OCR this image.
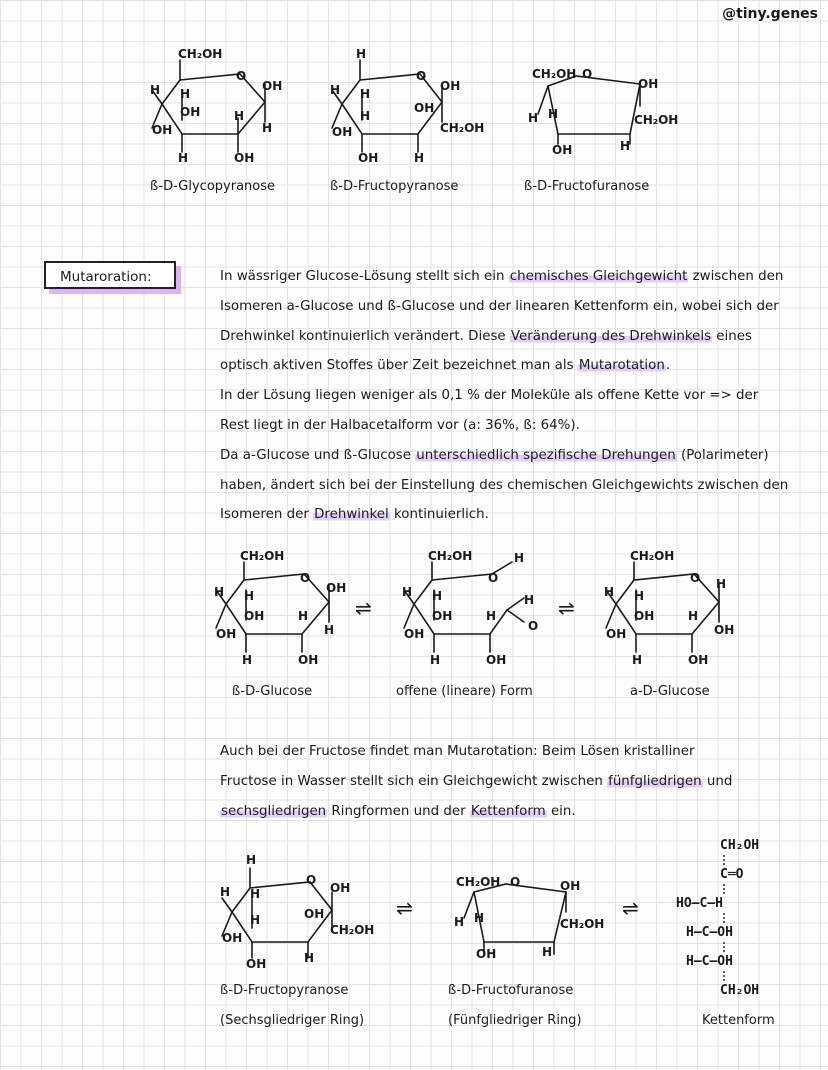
@tiny.genes
CH₂OH
O
OH
H H
OH
OH
H
H
H	OH
ß-D-Glycopyranose
H
O
OH
H H
H
OH
OH
CH₂OH
OH	H
ß-D-Fructopyranose
CH₂OH O
OH
H H	CH₂OH
OH	H
ß-D-Fructofuranose
Mutaroration:	In wässriger Glucose-Lösung stellt sich ein chemisches Gleichgewicht zwischen den
Isomeren a-Glucose und ß-Glucose und der linearen Kettenform ein, wobei sich der
Drehwinkel kontinuierlich verändert. Diese Veränderung des Drehwinkels eines
optisch aktiven Stoffes über Zeit bezeichnet man als Mutarotation.
In der Lösung liegen weniger als 0,1 % der Moleküle als offene Kette vor => der
Rest liegt in der Halbacetalform vor (a: 36%, ß: 64%).
Da a-Glucose und ß-Glucose unterschiedlich spezifische Drehungen (Polarimeter)
haben, ändert sich bei der Einstellung des chemischen Gleichgewichts zwischen den
Isomeren der Drehwinkel kontinuierlich.
CH₂OH
O
OH
H H
OH
OH
H
H
H	OH
⇌
CH₂OH
O
H
H H
OH
OH
H
H
O
H	OH
⇌
CH₂OH
O H
H H
OH
OH
H
OH
H	OH
ß-D-Glucose	offene (lineare) Form	a-D-Glucose
Auch bei der Fructose findet man Mutarotation: Beim Lösen kristalliner
Fructose in Wasser stellt sich ein Gleichgewicht zwischen fünfgliedrigen und
sechsgliedrigen Ringformen und der Kettenform ein.
H
O
OH
H H
H
OH
OH
CH₂OH
OH	H
⇌
CH₂OH O	OH
H H	CH₂OH
OH	H
⇌
CH₂OH
C═O
HO—C—H
H—C—OH
H—C—OH
CH₂OH
ß-D-Fructopyranose
(Sechsgliedriger Ring)
ß-D-Fructofuranose
(Fünfgliedriger Ring)	Kettenform
